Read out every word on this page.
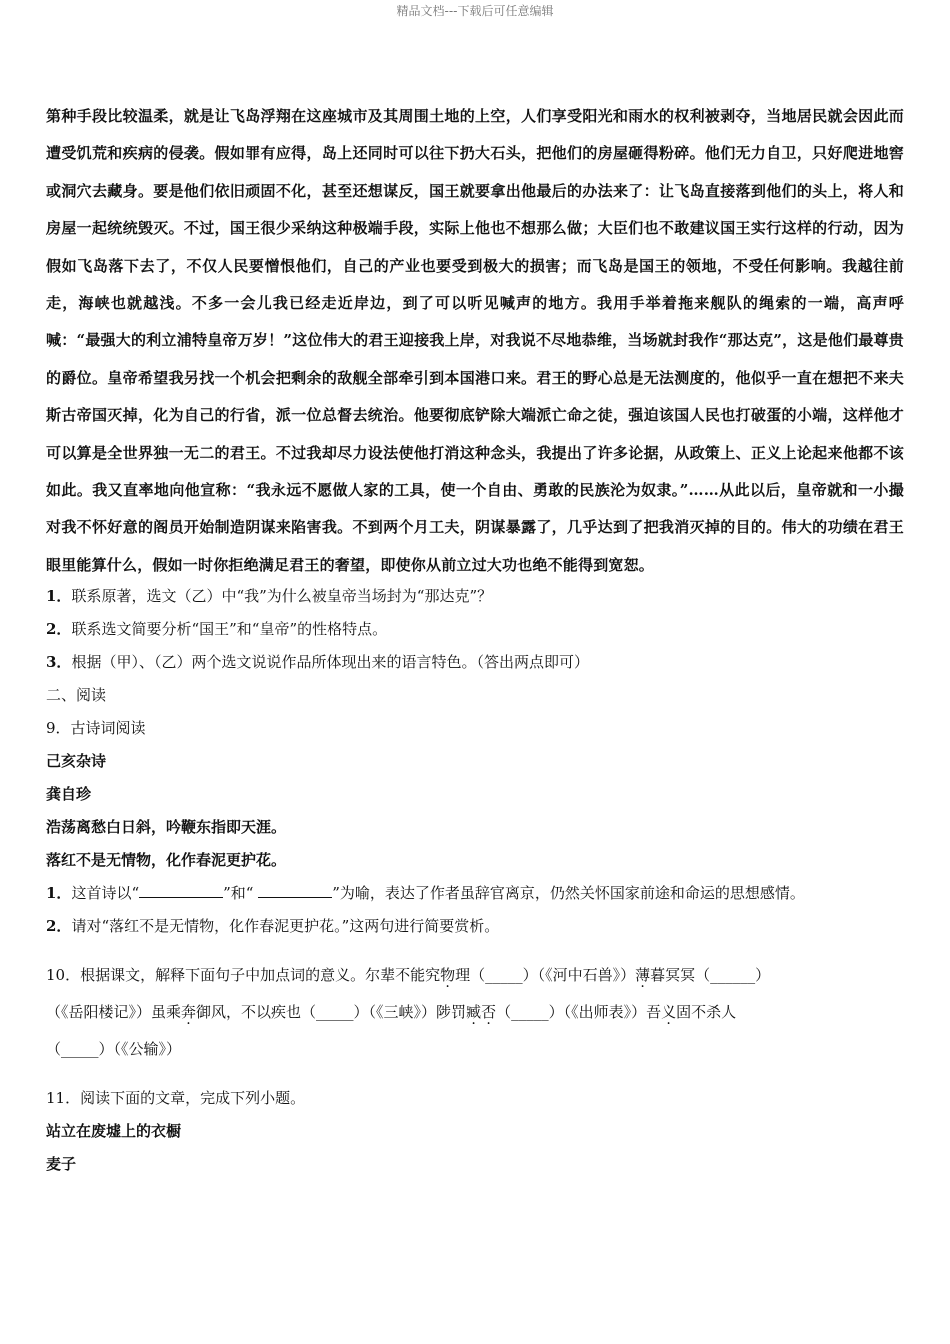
精品文档---下载后可任意编辑

第种手段比较温柔，就是让飞岛浮翔在这座城市及其周围土地的上空，人们享受阳光和雨水的权利被剥夺，当地居民就会因此而遭受饥荒和疾病的侵袭。假如罪有应得，岛上还同时可以往下扔大石头，把他们的房屋砸得粉碎。他们无力自卫，只好爬进地窖或洞穴去藏身。要是他们依旧顽固不化，甚至还想谋反，国王就要拿出他最后的办法来了：让飞岛直接落到他们的头上，将人和房屋一起统统毁灭。不过，国王很少采纳这种极端手段，实际上他也不想那么做；大臣们也不敢建议国王实行这样的行动，因为假如飞岛落下去了，不仅人民要憎恨他们，自己的产业也要受到极大的损害；而飞岛是国王的领地，不受任何影响。我越往前走，海峡也就越浅。不多一会儿我已经走近岸边，到了可以听见喊声的地方。我用手举着拖来舰队的绳索的一端，高声呼喊：“最强大的利立浦特皇帝万岁！”这位伟大的君王迎接我上岸，对我说不尽地恭维，当场就封我作“那达克”，这是他们最尊贵的爵位。皇帝希望我另找一个机会把剩余的敌舰全部牵引到本国港口来。君王的野心总是无法测度的，他似乎一直在想把不来夫斯古帝国灭掉，化为自己的行省，派一位总督去统治。他要彻底铲除大端派亡命之徒，强迫该国人民也打破蛋的小端，这样他才可以算是全世界独一无二的君王。不过我却尽力设法使他打消这种念头，我提出了许多论据，从政策上、正义上论起来他都不该如此。我又直率地向他宣称：“我永远不愿做人家的工具，使一个自由、勇敢的民族沦为奴隶。”……从此以后，皇帝就和一小撮对我不怀好意的阁员开始制造阴谋来陷害我。不到两个月工夫，阴谋暴露了，几乎达到了把我消灭掉的目的。伟大的功绩在君王眼里能算什么，假如一时你拒绝满足君王的奢望，即使你从前立过大功也绝不能得到宽恕。

1．联系原著，选文（乙）中“我”为什么被皇帝当场封为“那达克”？

2．联系选文简要分析“国王”和“皇帝”的性格特点。

3．根据（甲）、（乙）两个选文说说作品所体现出来的语言特色。（答出两点即可）

二、阅读

9．古诗词阅读

己亥杂诗

龚自珍

浩荡离愁白日斜，吟鞭东指即天涯。

落红不是无情物，化作春泥更护花。

1．这首诗以“	”和“	”为喻，表达了作者虽辞官离京，仍然关怀国家前途和命运的思想感情。

2．请对“落红不是无情物，化作春泥更护花。”这两句进行简要赏析。

10．根据课文，解释下面句子中加点词的意义。尔辈不能究物理（_____）（《河中石兽》）薄暮冥冥（______）

（《岳阳楼记》）虽乘奔御风，不以疾也（_____）（《三峡》）陟罚臧否（_____）（《出师表》）吾义固不杀人

（_____）（《公输》）

11．阅读下面的文章，完成下列小题。

站立在废墟上的衣橱

麦子
